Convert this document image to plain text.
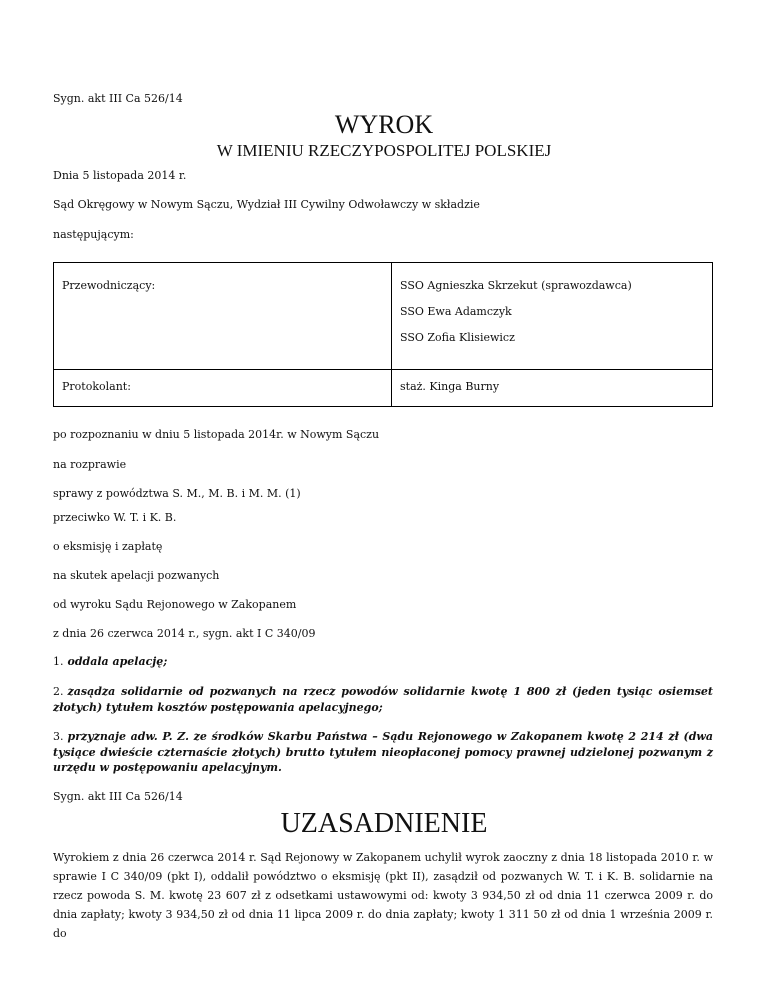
Sygn. akt III Ca 526/14
WYROK
W IMIENIU RZECZYPOSPOLITEJ POLSKIEJ
Dnia 5 listopada 2014 r.
Sąd Okręgowy w Nowym Sączu, Wydział III Cywilny Odwoławczy w składzie
następującym:
Przewodniczący:	SSO Agnieszka Skrzekut (sprawozdawca)
SSO Ewa Adamczyk
SSO Zofia Klisiewicz

Protokolant:	staż. Kinga Burny
po rozpoznaniu w dniu 5 listopada 2014r. w Nowym Sączu
na rozprawie
sprawy z powództwa S. M., M. B. i M. M. (1)
przeciwko W. T. i K. B.
o eksmisję i zapłatę
na skutek apelacji pozwanych
od wyroku Sądu Rejonowego w Zakopanem
z dnia 26 czerwca 2014 r., sygn. akt I C 340/09
1. oddala apelację;
2. zasądza solidarnie od pozwanych na rzecz powodów solidarnie kwotę 1 800 zł (jeden tysiąc osiemset złotych) tytułem kosztów postępowania apelacyjnego;
3. przyznaje adw. P. Z. ze środków Skarbu Państwa – Sądu Rejonowego w Zakopanem kwotę 2 214 zł (dwa tysiące dwieście czternaście złotych) brutto tytułem nieopłaconej pomocy prawnej udzielonej pozwanym z urzędu w postępowaniu apelacyjnym.
Sygn. akt III Ca 526/14
UZASADNIENIE
Wyrokiem z dnia 26 czerwca 2014 r. Sąd Rejonowy w Zakopanem uchylił wyrok zaoczny z dnia 18 listopada 2010 r. w sprawie I C 340/09 (pkt I), oddalił powództwo o eksmisję (pkt II), zasądził od pozwanych W. T. i K. B. solidarnie na rzecz powoda S. M. kwotę 23 607 zł z odsetkami ustawowymi od: kwoty 3 934,50 zł od dnia 11 czerwca 2009 r. do dnia zapłaty; kwoty 3 934,50 zł od dnia 11 lipca 2009 r. do dnia zapłaty; kwoty 1 311 50 zł od dnia 1 września 2009 r. do
